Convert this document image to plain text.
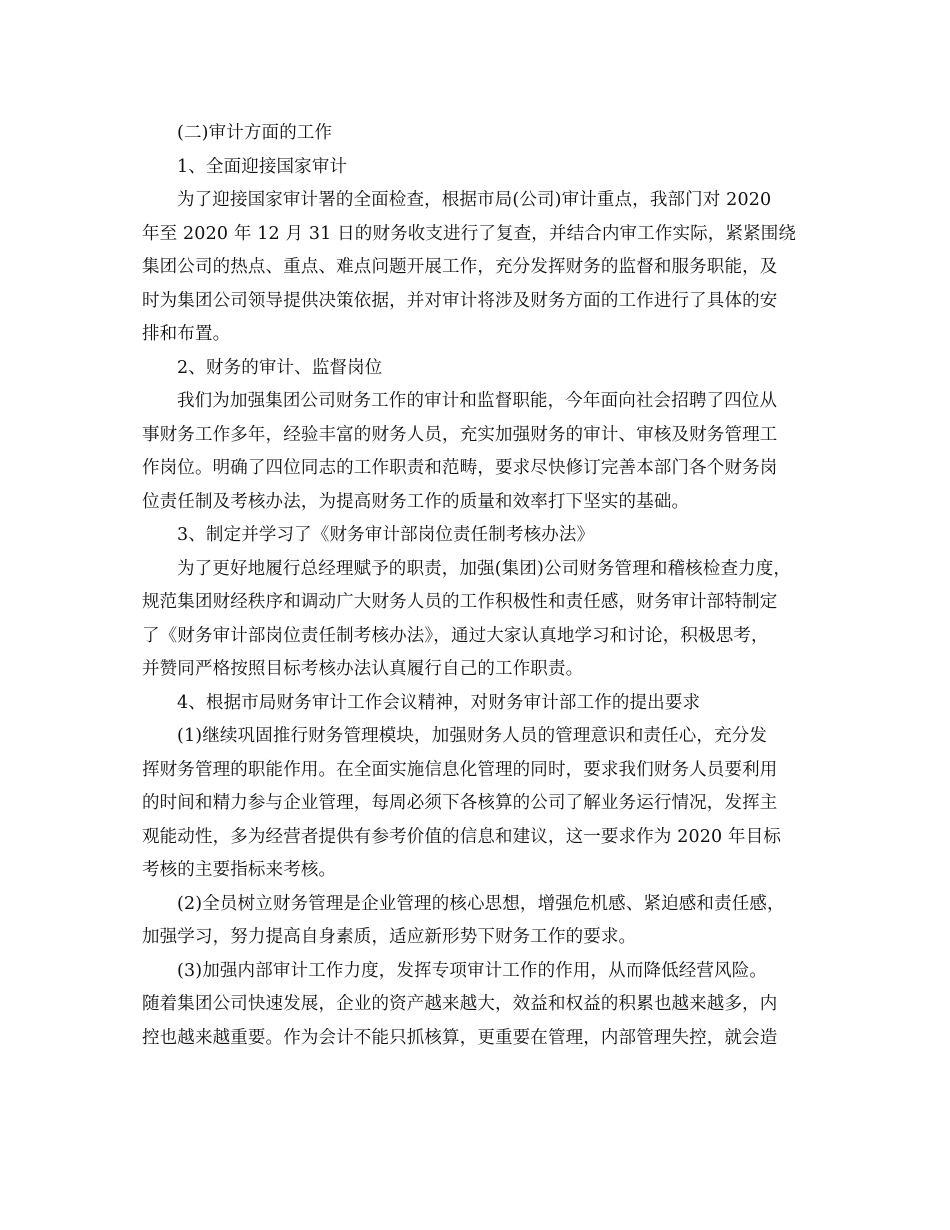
(二)审计方面的工作
1、全面迎接国家审计
为了迎接国家审计署的全面检查，根据市局(公司)审计重点，我部门对 2020
年至 2020 年 12 月 31 日的财务收支进行了复查，并结合内审工作实际，紧紧围绕
集团公司的热点、重点、难点问题开展工作，充分发挥财务的监督和服务职能，及
时为集团公司领导提供决策依据，并对审计将涉及财务方面的工作进行了具体的安
排和布置。
2、财务的审计、监督岗位
我们为加强集团公司财务工作的审计和监督职能，今年面向社会招聘了四位从
事财务工作多年，经验丰富的财务人员，充实加强财务的审计、审核及财务管理工
作岗位。明确了四位同志的工作职责和范畴，要求尽快修订完善本部门各个财务岗
位责任制及考核办法，为提高财务工作的质量和效率打下坚实的基础。
3、制定并学习了《财务审计部岗位责任制考核办法》
为了更好地履行总经理赋予的职责，加强(集团)公司财务管理和稽核检查力度，
规范集团财经秩序和调动广大财务人员的工作积极性和责任感，财务审计部特制定
了《财务审计部岗位责任制考核办法》，通过大家认真地学习和讨论，积极思考，
并赞同严格按照目标考核办法认真履行自己的工作职责。
4、根据市局财务审计工作会议精神，对财务审计部工作的提出要求
(1)继续巩固推行财务管理模块，加强财务人员的管理意识和责任心，充分发
挥财务管理的职能作用。在全面实施信息化管理的同时，要求我们财务人员要利用
的时间和精力参与企业管理，每周必须下各核算的公司了解业务运行情况，发挥主
观能动性，多为经营者提供有参考价值的信息和建议，这一要求作为 2020 年目标
考核的主要指标来考核。
(2)全员树立财务管理是企业管理的核心思想，增强危机感、紧迫感和责任感，
加强学习，努力提高自身素质，适应新形势下财务工作的要求。
(3)加强内部审计工作力度，发挥专项审计工作的作用，从而降低经营风险。
随着集团公司快速发展，企业的资产越来越大，效益和权益的积累也越来越多，内
控也越来越重要。作为会计不能只抓核算，更重要在管理，内部管理失控，就会造
